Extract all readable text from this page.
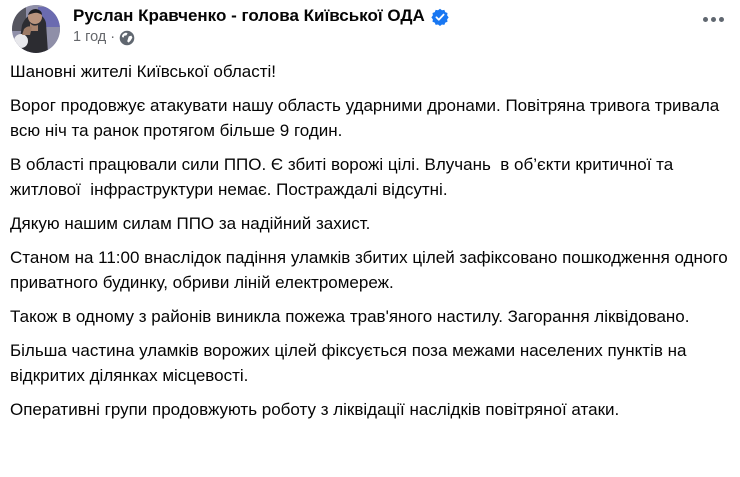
Руслан Кравченко - голова Київської ОДА
1 год ·

Шановні жителі Київської області!

Ворог продовжує атакувати нашу область ударними дронами. Повітряна тривога тривала всю ніч та ранок протягом більше 9 годин.

В області працювали сили ППО. Є збиті ворожі цілі. Влучань  в об’єкти критичної та житлової  інфраструктури немає. Постраждалі відсутні.

Дякую нашим силам ППО за надійний захист.

Станом на 11:00 внаслідок падіння уламків збитих цілей зафіксовано пошкодження одного приватного будинку, обриви ліній електромереж.

Також в одному з районів виникла пожежа трав'яного настилу. Загорання ліквідовано.

Більша частина уламків ворожих цілей фіксується поза межами населених пунктів на відкритих ділянках місцевості.

Оперативні групи продовжують роботу з ліквідації наслідків повітряної атаки.
